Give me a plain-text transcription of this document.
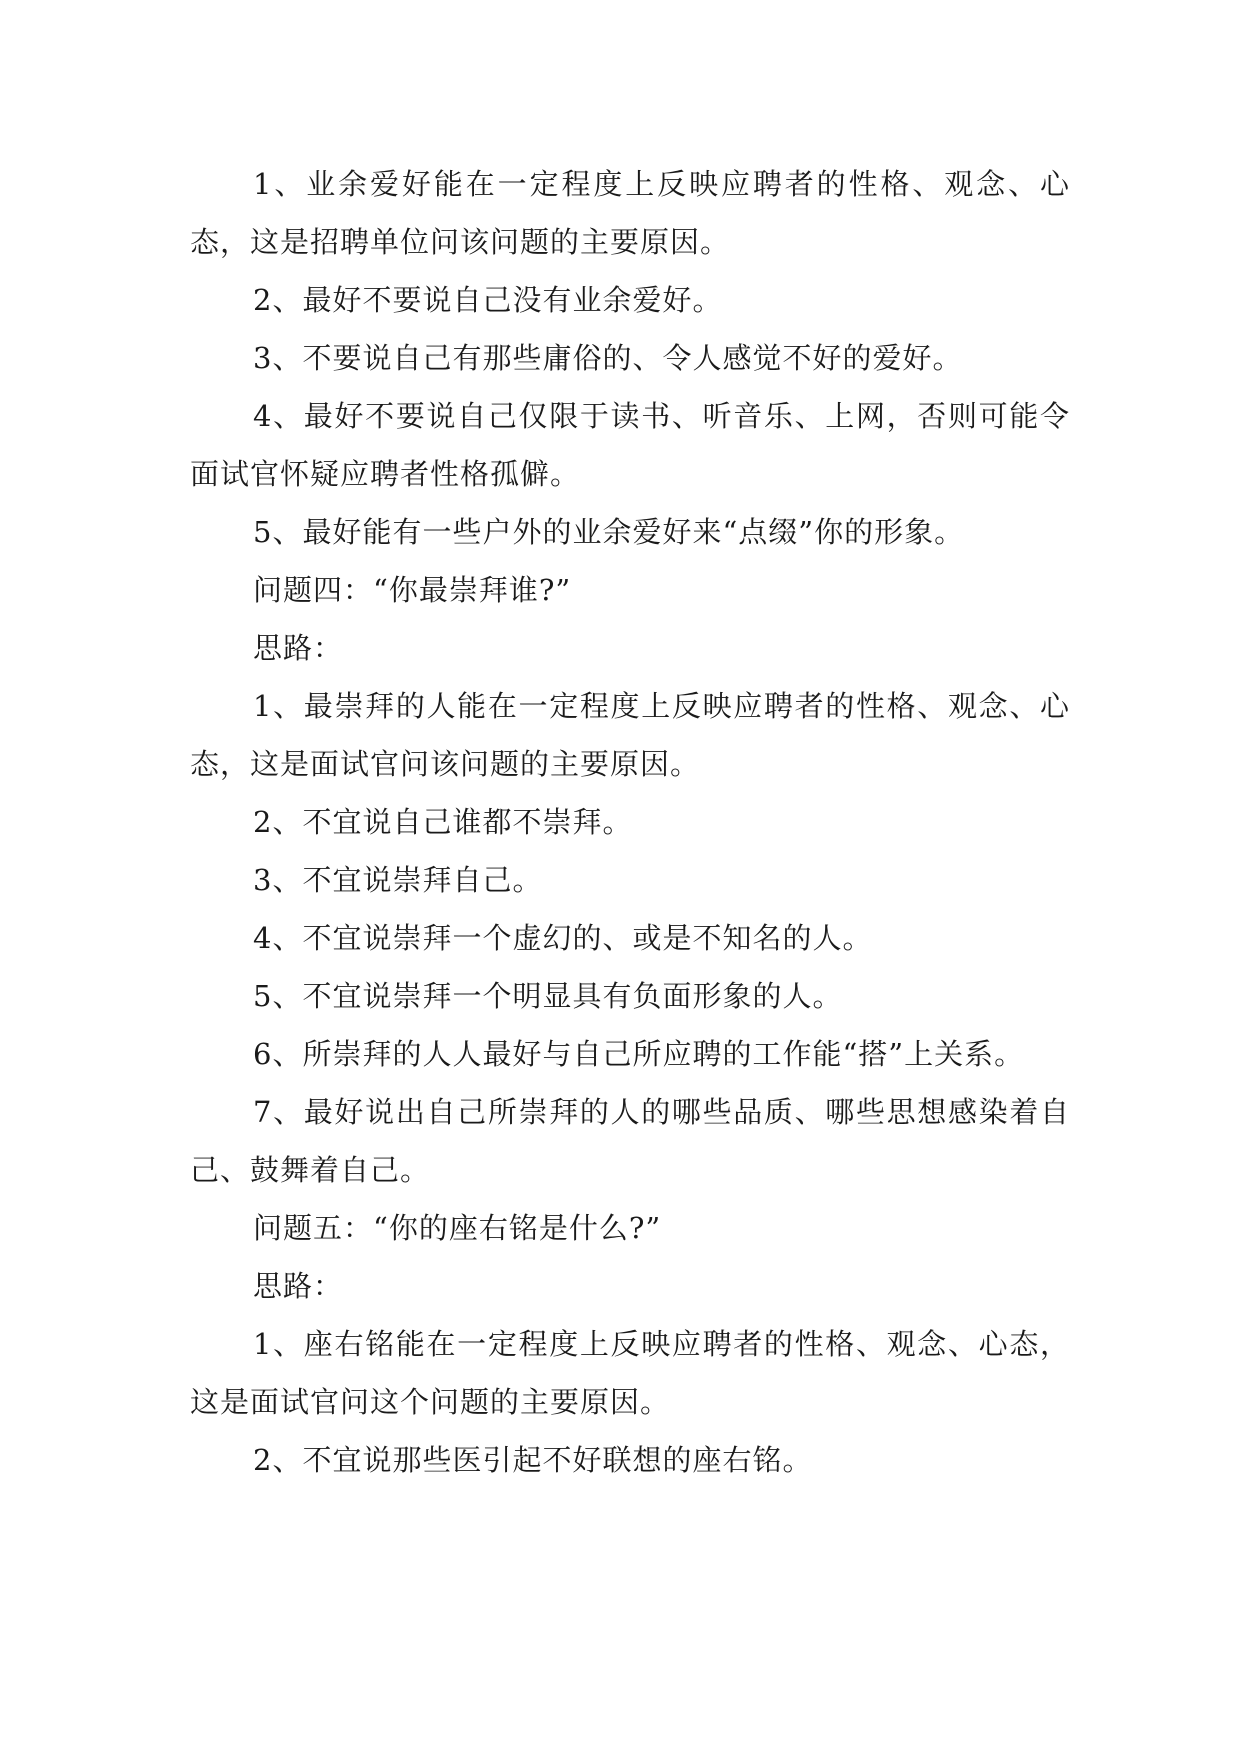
1、业余爱好能在一定程度上反映应聘者的性格、观念、心态，这是招聘单位问该问题的主要原因。

2、最好不要说自己没有业余爱好。

3、不要说自己有那些庸俗的、令人感觉不好的爱好。

4、最好不要说自己仅限于读书、听音乐、上网，否则可能令面试官怀疑应聘者性格孤僻。

5、最好能有一些户外的业余爱好来“点缀”你的形象。

问题四：“你最崇拜谁?”

思路：

1、最崇拜的人能在一定程度上反映应聘者的性格、观念、心态，这是面试官问该问题的主要原因。

2、不宜说自己谁都不崇拜。

3、不宜说崇拜自己。

4、不宜说崇拜一个虚幻的、或是不知名的人。

5、不宜说崇拜一个明显具有负面形象的人。

6、所崇拜的人人最好与自己所应聘的工作能“搭”上关系。

7、最好说出自己所崇拜的人的哪些品质、哪些思想感染着自己、鼓舞着自己。

问题五：“你的座右铭是什么?”

思路：

1、座右铭能在一定程度上反映应聘者的性格、观念、心态，这是面试官问这个问题的主要原因。

2、不宜说那些医引起不好联想的座右铭。
